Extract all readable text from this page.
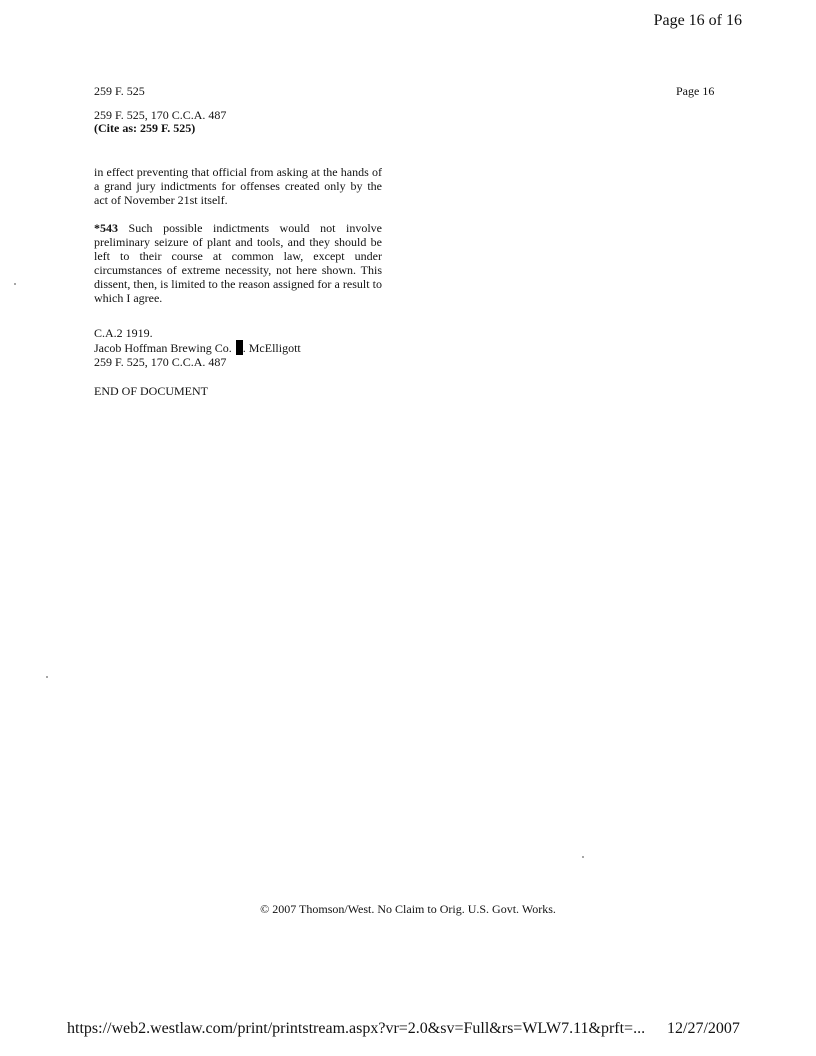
Page 16 of 16
259 F. 525	Page 16
259 F. 525, 170 C.C.A. 487

(Cite as: 259 F. 525)
in effect preventing that official from asking at the hands of a grand jury indictments for offenses created only by the act of November 21st itself.
*543 Such possible indictments would not involve preliminary seizure of plant and tools, and they should be left to their course at common law, except under circumstances of extreme necessity, not here shown. This dissent, then, is limited to the reason assigned for a result to which I agree.
C.A.2 1919.
Jacob Hoffman Brewing Co. . McElligott
259 F. 525, 170 C.C.A. 487
END OF DOCUMENT
© 2007 Thomson/West. No Claim to Orig. U.S. Govt. Works.
https://web2.westlaw.com/print/printstream.aspx?vr=2.0&sv=Full&rs=WLW7.11&prft=... 12/27/2007
